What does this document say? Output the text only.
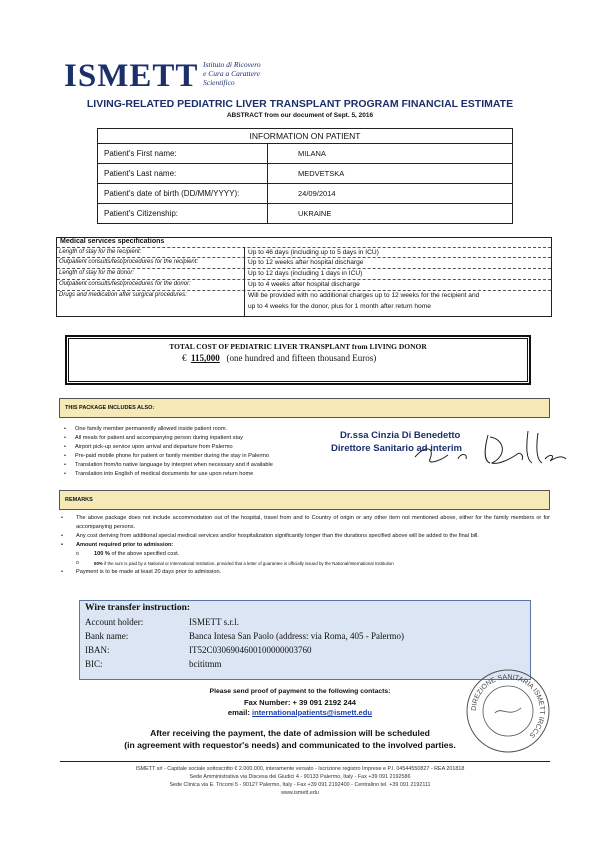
ISMETT Istituto di Ricovero
e Cura a Carattere
Scientifico
LIVING-RELATED PEDIATRIC LIVER TRANSPLANT PROGRAM FINANCIAL ESTIMATE
ABSTRACT from our document of Sept. 5, 2016
INFORMATION ON PATIENT	
Patient's First name:	MILANA
Patient's Last name:	MEDVETSKA
Patient's date of birth (DD/MM/YYYY):	24/09/2014
Patient's Citizenship:	UKRAINE
Medical services specifications
Length of stay for the recipient:	Up to 46 days (including up to 5 days in ICU)
Outpatient consults/test/procedures for the recipient:	Up to 12 weeks after hospital discharge
Length of stay for the donor:	Up to 12 days (including 1 days in ICU)
Outpatient consults/test/procedures for the donor:	Up to 4 weeks after hospital discharge
Drugs and medication after surgical procedures:	Will be provided with no additional charges up to 12 weeks for the recipient and
up to 4 weeks for the donor, plus for 1 month after return home
TOTAL COST OF PEDIATRIC LIVER TRANSPLANT from LIVING DONOR
€ 115,000 (one hundred and fifteen thousand Euros)
THIS PACKAGE INCLUDES ALSO:
• One family member permanently allowed inside patient room.
• All meals for patient and accompanying person during inpatient stay
• Airport pick-up service upon arrival and departure from Palermo
• Pre-paid mobile phone for patient or family member during the stay in Palermo
• Translation from/to native language by interpret when necessary and if available
• Translation into English of medical documents for use upon return home
Dr.ssa Cinzia Di Benedetto
Direttore Sanitario ad interim
REMARKS
• The above package does not include accommodation out of the hospital, travel from and to Country of origin or any other item not mentioned above, either for the family members or for accompanying persons.
• Any cost deriving from additional special medical services and/or hospitalization significantly longer than the durations specified above will be added to the final bill.
• Amount required prior to admission:
o 100 % of the above specified cost.
o 50% if the sum is paid by a National or International Institution, provided that a letter of guarantee is officially issued by the National/International Institution
• Payment is to be made at least 20 days prior to admission.
Wire transfer instruction:
Account holder:	ISMETT s.r.l.
Bank name:	Banca Intesa San Paolo (address: via Roma, 405 - Palermo)
IBAN:	IT52C0306904600100000003760
BIC:	bcititmm
Please send proof of payment to the following contacts:
Fax Number: + 39 091 2192 244
email: internationalpatients@ismett.edu
After receiving the payment, the date of admission will be scheduled
(in agreement with requestor's needs) and communicated to the involved parties.
DIREZIONE SANITARIA ISMETT IRCCS
ISMETT srl - Capitale sociale sottoscritto € 2.000.000, interamente versato - Iscrizione registro Imprese e P.I. 04544550827 - REA 201818
Sede Amministrativa via Discesa dei Giudici 4 - 90133 Palermo, Italy - Fax +39 091 2192586
Sede Clinica via E. Tricomi 5 - 90127 Palermo, Italy - Fax +39 091 2192400 - Centralino tel. +39 091 2192111
www.ismett.edu
